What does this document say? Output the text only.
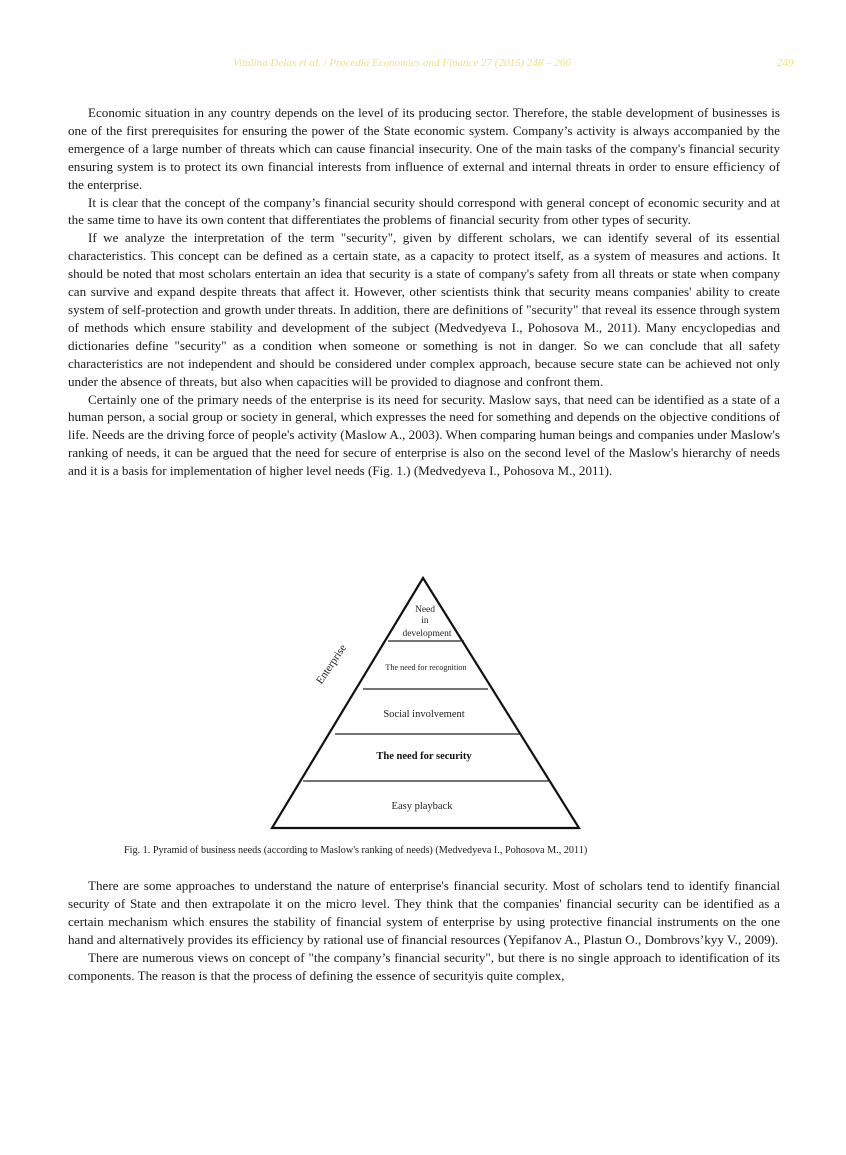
Vitalina Delas et al. / Procedia Economics and Finance 27 (2015) 248 – 266	249

Economic situation in any country depends on the level of its producing sector. Therefore, the stable development of businesses is one of the first prerequisites for ensuring the power of the State economic system. Company’s activity is always accompanied by the emergence of a large number of threats which can cause financial insecurity. One of the main tasks of the company's financial security ensuring system is to protect its own financial interests from influence of external and internal threats in order to ensure efficiency of the enterprise.

It is clear that the concept of the company’s financial security should correspond with general concept of economic security and at the same time to have its own content that differentiates the problems of financial security from other types of security.

If we analyze the interpretation of the term "security", given by different scholars, we can identify several of its essential characteristics. This concept can be defined as a certain state, as a capacity to protect itself, as a system of measures and actions. It should be noted that most scholars entertain an idea that security is a state of company's safety from all threats or state when company can survive and expand despite threats that affect it. However, other scientists think that security means companies' ability to create system of self-protection and growth under threats. In addition, there are definitions of "security" that reveal its essence through system of methods which ensure stability and development of the subject (Medvedyeva I., Pohosova M., 2011). Many encyclopedias and dictionaries define "security" as a condition when someone or something is not in danger. So we can conclude that all safety characteristics are not independent and should be considered under complex approach, because secure state can be achieved not only under the absence of threats, but also when capacities will be provided to diagnose and confront them.

Certainly one of the primary needs of the enterprise is its need for security. Maslow says, that need can be identified as a state of a human person, a social group or society in general, which expresses the need for something and depends on the objective conditions of life. Needs are the driving force of people's activity (Maslow A., 2003). When comparing human beings and companies under Maslow's ranking of needs, it can be argued that the need for secure of enterprise is also on the second level of the Maslow's hierarchy of needs and it is a basis for implementation of higher level needs (Fig. 1.) (Medvedyeva I., Pohosova M., 2011).

Need
in
development
The need for recognition
Social involvement
The need for security
Easy playback
Enterprise
Fig. 1. Pyramid of business needs (according to Maslow's ranking of needs) (Medvedyeva I., Pohosova M., 2011)

There are some approaches to understand the nature of enterprise's financial security. Most of scholars tend to identify financial security of State and then extrapolate it on the micro level. They think that the companies' financial security can be identified as a certain mechanism which ensures the stability of financial system of enterprise by using protective financial instruments on the one hand and alternatively provides its efficiency by rational use of financial resources (Yepifanov A., Plastun O., Dombrovs’kyy V., 2009).

There are numerous views on concept of "the company’s financial security", but there is no single approach to identification of its components. The reason is that the process of defining the essence of securityis quite complex,
